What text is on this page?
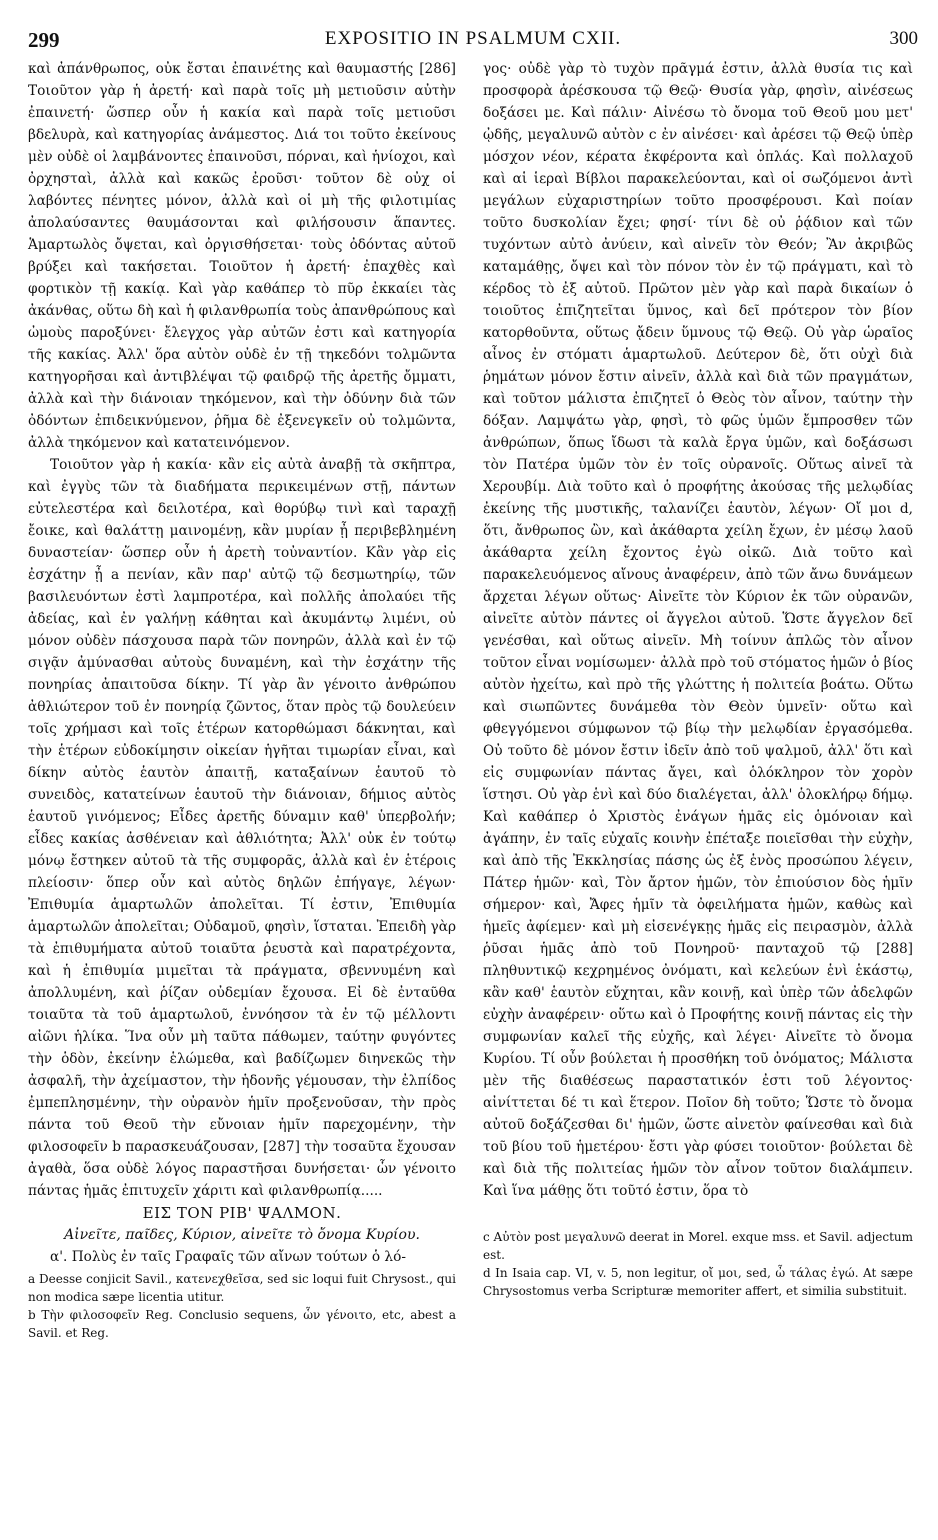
299	EXPOSITIO IN PSALMUM CXII.	300

καὶ ἀπάνθρωπος, οὐκ ἔσται ἐπαινέτης καὶ θαυμαστής [286] Τοιοῦτον γὰρ ἡ ἀρετή· καὶ παρὰ τοῖς μὴ μετιοῦσιν αὐτὴν ἐπαινετή· ὥσπερ οὖν ἡ κακία καὶ παρὰ τοῖς μετιοῦσι βδελυρὰ, καὶ κατηγορίας ἀνάμεστος. Διά τοι τοῦτο ἐκείνους μὲν οὐδὲ οἱ λαμβάνοντες ἐπαινοῦσι, πόρναι, καὶ ἡνίοχοι, καὶ ὀρχησταὶ, ἀλλὰ καὶ κακῶς ἐροῦσι· τοῦτον δὲ οὐχ οἱ λαβόντες πένητες μόνον, ἀλλὰ καὶ οἱ μὴ τῆς φιλοτιμίας ἀπολαύσαντες θαυμάσονται καὶ φιλήσουσιν ἅπαντες. Ἁμαρτωλὸς ὄψεται, καὶ ὀργισθήσεται· τοὺς ὀδόντας αὐτοῦ βρύξει καὶ τακήσεται. Τοιοῦτον ἡ ἀρετή· ἐπαχθὲς καὶ φορτικὸν τῇ κακίᾳ. Καὶ γὰρ καθάπερ τὸ πῦρ ἐκκαίει τὰς ἀκάνθας, οὕτω δὴ καὶ ἡ φιλανθρωπία τοὺς ἀπανθρώπους καὶ ὠμοὺς παροξύνει· ἔλεγχος γὰρ αὐτῶν ἐστι καὶ κατηγορία τῆς κακίας. Ἀλλ' ὅρα αὐτὸν οὐδὲ ἐν τῇ τηκεδόνι τολμῶντα κατηγορῆσαι καὶ ἀντιβλέψαι τῷ φαιδρῷ τῆς ἀρετῆς ὄμματι, ἀλλὰ καὶ τὴν διάνοιαν τηκόμενον, καὶ τὴν ὀδύνην διὰ τῶν ὀδόντων ἐπιδεικνύμενον, ῥῆμα δὲ ἐξενεγκεῖν οὐ τολμῶντα, ἀλλὰ τηκόμενον καὶ κατατεινόμενον.

Τοιοῦτον γὰρ ἡ κακία· κἂν εἰς αὐτὰ ἀναβῇ τὰ σκῆπτρα, καὶ ἐγγὺς τῶν τὰ διαδήματα περικειμένων στῇ, πάντων εὐτελεστέρα καὶ δειλοτέρα, καὶ θορύβῳ τινὶ καὶ ταραχῇ ἔοικε, καὶ θαλάττῃ μαινομένῃ, κἂν μυρίαν ᾖ περιβεβλημένη δυναστείαν· ὥσπερ οὖν ἡ ἀρετὴ τοὐναντίον. Κἂν γὰρ εἰς ἐσχάτην ᾖ a πενίαν, κἂν παρ' αὐτῷ τῷ δεσμωτηρίῳ, τῶν βασιλευόντων ἐστὶ λαμπροτέρα, καὶ πολλῆς ἀπολαύει τῆς ἀδείας, καὶ ἐν γαλήνῃ κάθηται καὶ ἀκυμάντῳ λιμένι, οὐ μόνον οὐδὲν πάσχουσα παρὰ τῶν πονηρῶν, ἀλλὰ καὶ ἐν τῷ σιγᾷν ἀμύνασθαι αὐτοὺς δυναμένη, καὶ τὴν ἐσχάτην τῆς πονηρίας ἀπαιτοῦσα δίκην. Τί γὰρ ἂν γένοιτο ἀνθρώπου ἀθλιώτερον τοῦ ἐν πονηρίᾳ ζῶντος, ὅταν πρὸς τῷ δουλεύειν τοῖς χρήμασι καὶ τοῖς ἑτέρων κατορθώμασι δάκνηται, καὶ τὴν ἑτέρων εὐδοκίμησιν οἰκείαν ἡγῆται τιμωρίαν εἶναι, καὶ δίκην αὐτὸς ἑαυτὸν ἀπαιτῇ, καταξαίνων ἑαυτοῦ τὸ συνειδὸς, κατατείνων ἑαυτοῦ τὴν διάνοιαν, δήμιος αὐτὸς ἑαυτοῦ γινόμενος; Εἶδες ἀρετῆς δύναμιν καθ' ὑπερβολήν; εἶδες κακίας ἀσθένειαν καὶ ἀθλιότητα; Ἀλλ' οὐκ ἐν τούτῳ μόνῳ ἔστηκεν αὐτοῦ τὰ τῆς συμφορᾶς, ἀλλὰ καὶ ἐν ἑτέροις πλείοσιν· ὅπερ οὖν καὶ αὐτὸς δηλῶν ἐπήγαγε, λέγων· Ἐπιθυμία ἁμαρτωλῶν ἀπολεῖται. Τί ἐστιν, Ἐπιθυμία ἁμαρτωλῶν ἀπολεῖται; Οὐδαμοῦ, φησὶν, ἵσταται. Ἐπειδὴ γὰρ τὰ ἐπιθυμήματα αὐτοῦ τοιαῦτα ῥευστὰ καὶ παρατρέχοντα, καὶ ἡ ἐπιθυμία μιμεῖται τὰ πράγματα, σβεννυμένη καὶ ἀπολλυμένη, καὶ ῥίζαν οὐδεμίαν ἔχουσα. Εἰ δὲ ἐνταῦθα τοιαῦτα τὰ τοῦ ἁμαρτωλοῦ, ἐννόησον τὰ ἐν τῷ μέλλοντι αἰῶνι ἡλίκα. Ἵνα οὖν μὴ ταῦτα πάθωμεν, ταύτην φυγόντες τὴν ὁδὸν, ἐκείνην ἑλώμεθα, καὶ βαδίζωμεν διηνεκῶς τὴν ἀσφαλῆ, τὴν ἀχείμαστον, τὴν ἡδονῆς γέμουσαν, τὴν ἐλπίδος ἐμπεπλησμένην, τὴν οὐρανὸν ἡμῖν προξενοῦσαν, τὴν πρὸς πάντα τοῦ Θεοῦ τὴν εὔνοιαν ἡμῖν παρεχομένην, τὴν φιλοσοφεῖν b παρασκευάζουσαν, [287] τὴν τοσαῦτα ἔχουσαν ἀγαθὰ, ὅσα οὐδὲ λόγος παραστῆσαι δυνήσεται· ὧν γένοιτο πάντας ἡμᾶς ἐπιτυχεῖν χάριτι καὶ φιλανθρωπίᾳ.....

ΕΙΣ ΤΟΝ ΡΙΒ' ΨΑΛΜΟΝ.

Αἰνεῖτε, παῖδες, Κύριον, αἰνεῖτε τὸ ὄνομα Κυρίου.

α'. Πολὺς ἐν ταῖς Γραφαῖς τῶν αἴνων τούτων ὁ λό-

a Deesse conjicit Savil., κατενεχθεῖσα, sed sic loqui fuit Chrysost., qui non modica sæpe licentia utitur.

b Τὴν φιλοσοφεῖν Reg. Conclusio sequens, ὧν γένοιτο, etc, abest a Savil. et Reg.

γος· οὐδὲ γὰρ τὸ τυχὸν πρᾶγμά ἐστιν, ἀλλὰ θυσία τις καὶ προσφορὰ ἀρέσκουσα τῷ Θεῷ· Θυσία γὰρ, φησὶν, αἰνέσεως δοξάσει με. Καὶ πάλιν· Αἰνέσω τὸ ὄνομα τοῦ Θεοῦ μου μετ' ᾠδῆς, μεγαλυνῶ αὐτὸν c ἐν αἰνέσει· καὶ ἀρέσει τῷ Θεῷ ὑπὲρ μόσχον νέον, κέρατα ἐκφέροντα καὶ ὁπλάς. Καὶ πολλαχοῦ καὶ αἱ ἱεραὶ Βίβλοι παρακελεύονται, καὶ οἱ σωζόμενοι ἀντὶ μεγάλων εὐχαριστηρίων τοῦτο προσφέρουσι. Καὶ ποίαν τοῦτο δυσκολίαν ἔχει; φησί· τίνι δὲ οὐ ῥᾴδιον καὶ τῶν τυχόντων αὐτὸ ἀνύειν, καὶ αἰνεῖν τὸν Θεόν; Ἂν ἀκριβῶς καταμάθῃς, ὄψει καὶ τὸν πόνον τὸν ἐν τῷ πράγματι, καὶ τὸ κέρδος τὸ ἐξ αὐτοῦ. Πρῶτον μὲν γὰρ καὶ παρὰ δικαίων ὁ τοιοῦτος ἐπιζητεῖται ὕμνος, καὶ δεῖ πρότερον τὸν βίον κατορθοῦντα, οὕτως ᾄδειν ὕμνους τῷ Θεῷ. Οὐ γὰρ ὡραῖος αἶνος ἐν στόματι ἁμαρτωλοῦ. Δεύτερον δὲ, ὅτι οὐχὶ διὰ ῥημάτων μόνον ἔστιν αἰνεῖν, ἀλλὰ καὶ διὰ τῶν πραγμάτων, καὶ τοῦτον μάλιστα ἐπιζητεῖ ὁ Θεὸς τὸν αἶνον, ταύτην τὴν δόξαν. Λαμψάτω γὰρ, φησὶ, τὸ φῶς ὑμῶν ἔμπροσθεν τῶν ἀνθρώπων, ὅπως ἴδωσι τὰ καλὰ ἔργα ὑμῶν, καὶ δοξάσωσι τὸν Πατέρα ὑμῶν τὸν ἐν τοῖς οὐρανοῖς. Οὕτως αἰνεῖ τὰ Χερουβίμ. Διὰ τοῦτο καὶ ὁ προφήτης ἀκούσας τῆς μελῳδίας ἐκείνης τῆς μυστικῆς, ταλανίζει ἑαυτὸν, λέγων· Οἴ μοι d, ὅτι, ἄνθρωπος ὢν, καὶ ἀκάθαρτα χείλη ἔχων, ἐν μέσῳ λαοῦ ἀκάθαρτα χείλη ἔχοντος ἐγὼ οἰκῶ. Διὰ τοῦτο καὶ παρακελευόμενος αἴνους ἀναφέρειν, ἀπὸ τῶν ἄνω δυνάμεων ἄρχεται λέγων οὕτως· Αἰνεῖτε τὸν Κύριον ἐκ τῶν οὐρανῶν, αἰνεῖτε αὐτὸν πάντες οἱ ἄγγελοι αὐτοῦ. Ὥστε ἄγγελον δεῖ γενέσθαι, καὶ οὕτως αἰνεῖν. Μὴ τοίνυν ἁπλῶς τὸν αἶνον τοῦτον εἶναι νομίσωμεν· ἀλλὰ πρὸ τοῦ στόματος ἡμῶν ὁ βίος αὐτὸν ἠχείτω, καὶ πρὸ τῆς γλώττης ἡ πολιτεία βοάτω. Οὕτω καὶ σιωπῶντες δυνάμεθα τὸν Θεὸν ὑμνεῖν· οὕτω καὶ φθεγγόμενοι σύμφωνον τῷ βίῳ τὴν μελῳδίαν ἐργασόμεθα. Οὐ τοῦτο δὲ μόνον ἔστιν ἰδεῖν ἀπὸ τοῦ ψαλμοῦ, ἀλλ' ὅτι καὶ εἰς συμφωνίαν πάντας ἄγει, καὶ ὁλόκληρον τὸν χορὸν ἵστησι. Οὐ γὰρ ἑνὶ καὶ δύο διαλέγεται, ἀλλ' ὁλοκλήρῳ δήμῳ. Καὶ καθάπερ ὁ Χριστὸς ἐνάγων ἡμᾶς εἰς ὁμόνοιαν καὶ ἀγάπην, ἐν ταῖς εὐχαῖς κοινὴν ἐπέταξε ποιεῖσθαι τὴν εὐχὴν, καὶ ἀπὸ τῆς Ἐκκλησίας πάσης ὡς ἐξ ἑνὸς προσώπου λέγειν, Πάτερ ἡμῶν· καὶ, Τὸν ἄρτον ἡμῶν, τὸν ἐπιούσιον δὸς ἡμῖν σήμερον· καὶ, Ἄφες ἡμῖν τὰ ὀφειλήματα ἡμῶν, καθὼς καὶ ἡμεῖς ἀφίεμεν· καὶ μὴ εἰσενέγκῃς ἡμᾶς εἰς πειρασμὸν, ἀλλὰ ῥῦσαι ἡμᾶς ἀπὸ τοῦ Πονηροῦ· πανταχοῦ τῷ [288] πληθυντικῷ κεχρημένος ὀνόματι, καὶ κελεύων ἑνὶ ἑκάστῳ, κἂν καθ' ἑαυτὸν εὔχηται, κἂν κοινῇ, καὶ ὑπὲρ τῶν ἀδελφῶν εὐχὴν ἀναφέρειν· οὕτω καὶ ὁ Προφήτης κοινῇ πάντας εἰς τὴν συμφωνίαν καλεῖ τῆς εὐχῆς, καὶ λέγει· Αἰνεῖτε τὸ ὄνομα Κυρίου. Τί οὖν βούλεται ἡ προσθήκη τοῦ ὀνόματος; Μάλιστα μὲν τῆς διαθέσεως παραστατικόν ἐστι τοῦ λέγοντος· αἰνίττεται δέ τι καὶ ἕτερον. Ποῖον δὴ τοῦτο; Ὥστε τὸ ὄνομα αὐτοῦ δοξάζεσθαι δι' ἡμῶν, ὥστε αἰνετὸν φαίνεσθαι καὶ διὰ τοῦ βίου τοῦ ἡμετέρου· ἔστι γὰρ φύσει τοιοῦτον· βούλεται δὲ καὶ διὰ τῆς πολιτείας ἡμῶν τὸν αἶνον τοῦτον διαλάμπειν. Καὶ ἵνα μάθῃς ὅτι τοῦτό ἐστιν, ὅρα τὸ

c Αὐτὸν post μεγαλυνῶ deerat in Morel. exque mss. et Savil. adjectum est.

d In Isaia cap. VI, v. 5, non legitur, οἴ μοι, sed, ὦ τάλας ἐγώ. At sæpe Chrysostomus verba Scripturæ memoriter affert, et similia substituit.
